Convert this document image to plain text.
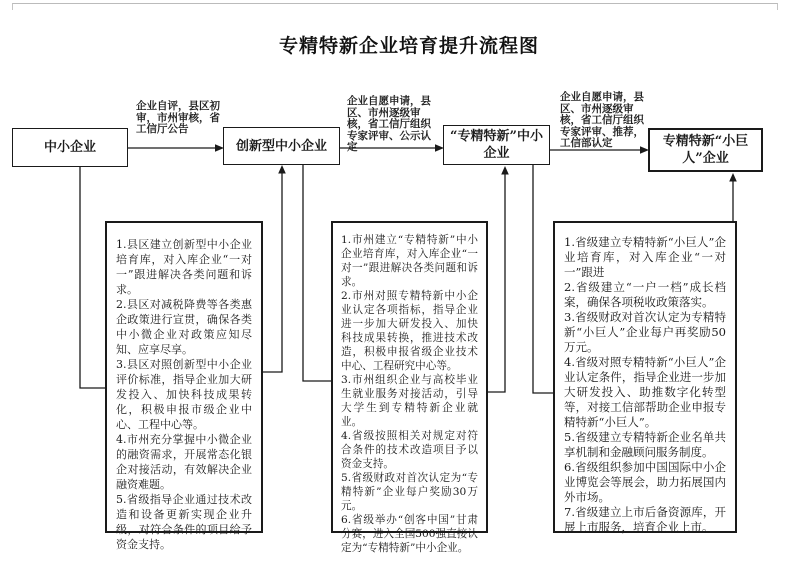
专精特新企业培育提升流程图
中小企业	创新型中小企业
“专精特新”中小企业
专精特新“小巨人”企业
企业自评，县区初审，市州审核，省工信厅公告
企业自愿申请，县区、市州逐级审核，省工信厅组织专家评审、公示认定
企业自愿申请，县区、市州逐级审核，省工信厅组织专家评审、推荐，工信部认定

1.县区建立创新型中小企业培育库，对入库企业“一对一”跟进解决各类问题和诉求。

2.县区对减税降费等各类惠企政策进行宣贯，确保各类中小微企业对政策应知尽知、应享尽享。

3.县区对照创新型中小企业评价标准，指导企业加大研发投入、加快科技成果转化，积极申报市级企业中心、工程中心等。

4.市州充分掌握中小微企业的融资需求，开展常态化银企对接活动，有效解决企业融资难题。

5.省级指导企业通过技术改造和设备更新实现企业升级，对符合条件的项目给予资金支持。

1.市州建立“专精特新”中小企业培育库，对入库企业“一对一”跟进解决各类问题和诉求。

2.市州对照专精特新中小企业认定各项指标，指导企业进一步加大研发投入、加快科技成果转换，推进技术改造，积极申报省级企业技术中心、工程研究中心等。

3.市州组织企业与高校毕业生就业服务对接活动，引导大学生到专精特新企业就业。

4.省级按照相关对规定对符合条件的技术改造项目予以资金支持。

5.省级财政对首次认定为“专精特新”企业每户奖励30万元。

6.省级举办“创客中国”甘肃分赛，进入全国500强直接认定为“专精特新”中小企业。

1.省级建立专精特新“小巨人”企业培育库，对入库企业“一对一”跟进

2.省级建立“一户一档”成长档案，确保各项税收政策落实。

3.省级财政对首次认定为专精特新“小巨人”企业每户再奖励50万元。

4.省级对照专精特新“小巨人”企业认定条件，指导企业进一步加大研发投入、助推数字化转型等，对接工信部帮助企业申报专精特新“小巨人”。

5.省级建立专精特新企业名单共享机制和金融顾问服务制度。

6.省级组织参加中国国际中小企业博览会等展会，助力拓展国内外市场。

7.省级建立上市后备资源库，开展上市服务，培育企业上市。
